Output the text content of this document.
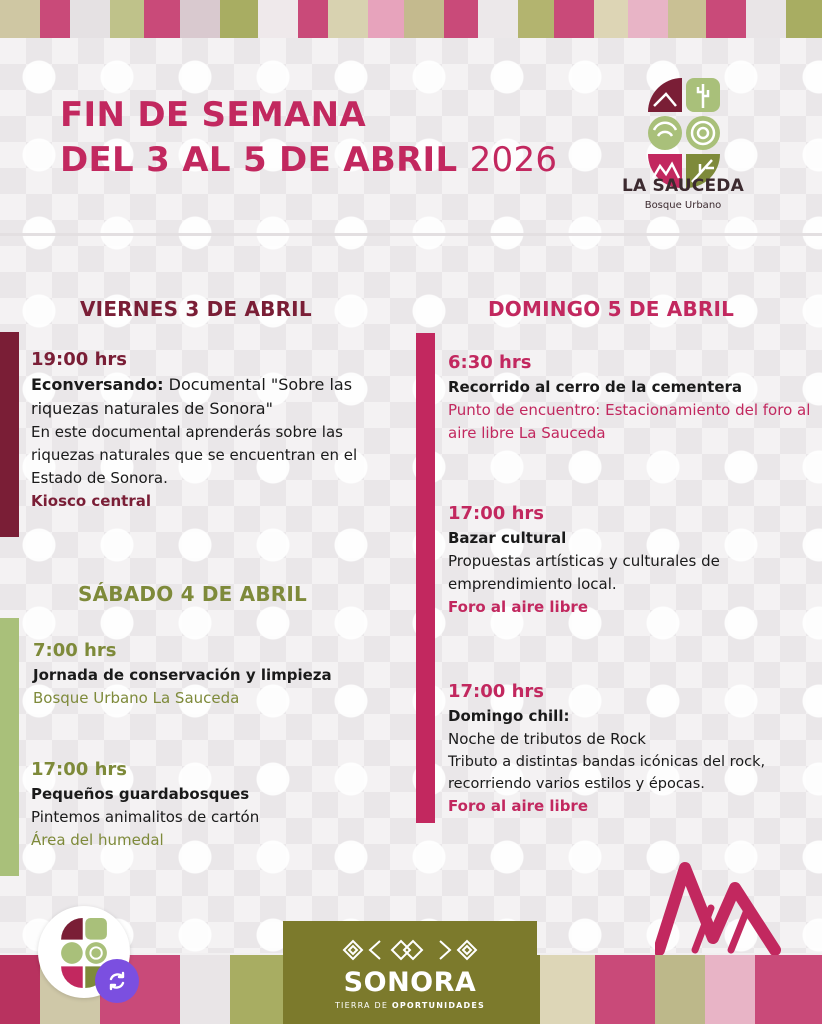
FIN DE SEMANA
DEL 3 AL 5 DE ABRIL 2026
LA SAUCEDA
Bosque Urbano
VIERNES 3 DE ABRIL
19:00 hrs
Econversando: Documental "Sobre las riquezas naturales de Sonora"
En este documental aprenderás sobre las riquezas naturales que se encuentran en el Estado de Sonora.
Kiosco central
SÁBADO 4 DE ABRIL
7:00 hrs
Jornada de conservación y limpieza
Bosque Urbano La Sauceda
17:00 hrs
Pequeños guardabosques
Pintemos animalitos de cartón
Área del humedal
DOMINGO 5 DE ABRIL
6:30 hrs
Recorrido al cerro de la cementera
Punto de encuentro: Estacionamiento del foro al aire libre La Sauceda
17:00 hrs
Bazar cultural
Propuestas artísticas y culturales de emprendimiento local.
Foro al aire libre
17:00 hrs
Domingo chill:
Noche de tributos de Rock
Tributo a distintas bandas icónicas del rock, recorriendo varios estilos y épocas.
Foro al aire libre
SONORA
TIERRA DE OPORTUNIDADES
